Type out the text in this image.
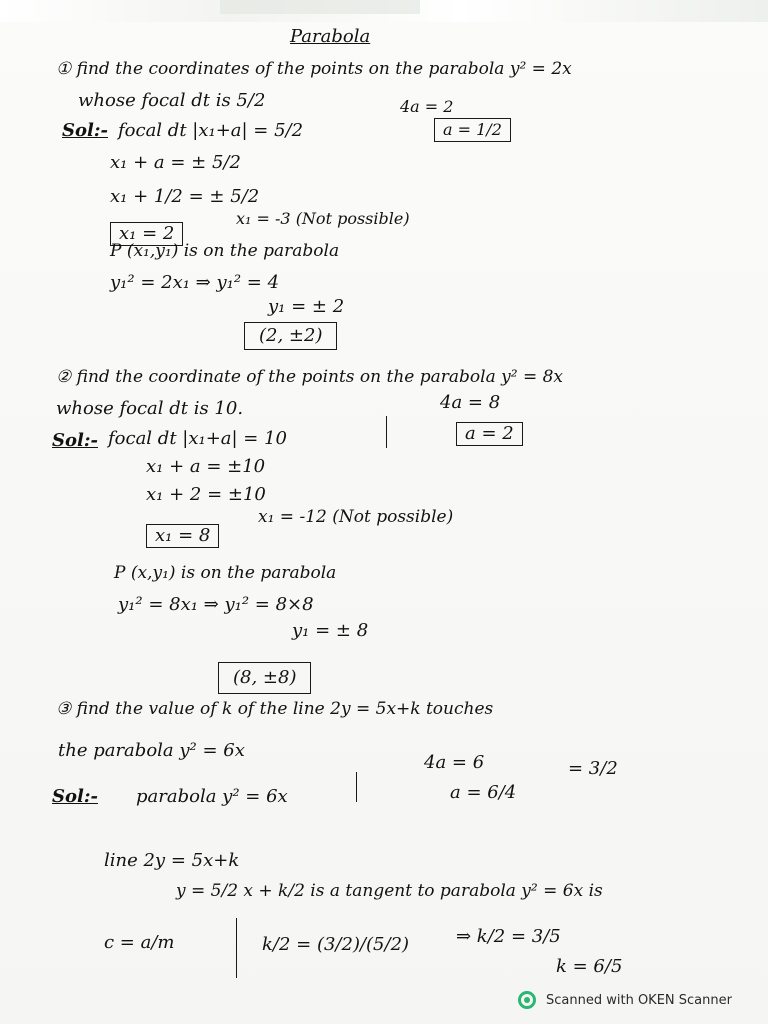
Parabola
① find the coordinates of the points on the parabola y² = 2x
whose focal dt is 5/2
Sol:- focal dt |x₁+a| = 5/2
4a = 2
a = 1/2
x₁ + a = ± 5/2
x₁ + 1/2 = ± 5/2
x₁ = 2
x₁ = -3 (Not possible)
P (x₁,y₁) is on the parabola
y₁² = 2x₁ ⇒ y₁² = 4
y₁ = ± 2
(2, ±2)
② find the coordinate of the points on the parabola y² = 8x
whose focal dt is 10.
Sol:- focal dt |x₁+a| = 10
4a = 8
a = 2
x₁ + a = ±10
x₁ + 2 = ±10
x₁ = 8
x₁ = -12 (Not possible)
P (x,y₁) is on the parabola
y₁² = 8x₁ ⇒ y₁² = 8×8
y₁ = ± 8
(8, ±8)
③ find the value of k of the line 2y = 5x+k touches
the parabola y² = 6x
Sol:- parabola y² = 6x
4a = 6
a = 6/4
= 3/2
line 2y = 5x+k
y = 5/2 x + k/2 is a tangent to parabola y² = 6x is
c = a/m	k/2 = (3/2)/(5/2)	⇒ k/2 = 3/5
k = 6/5
Scanned with OKEN Scanner
